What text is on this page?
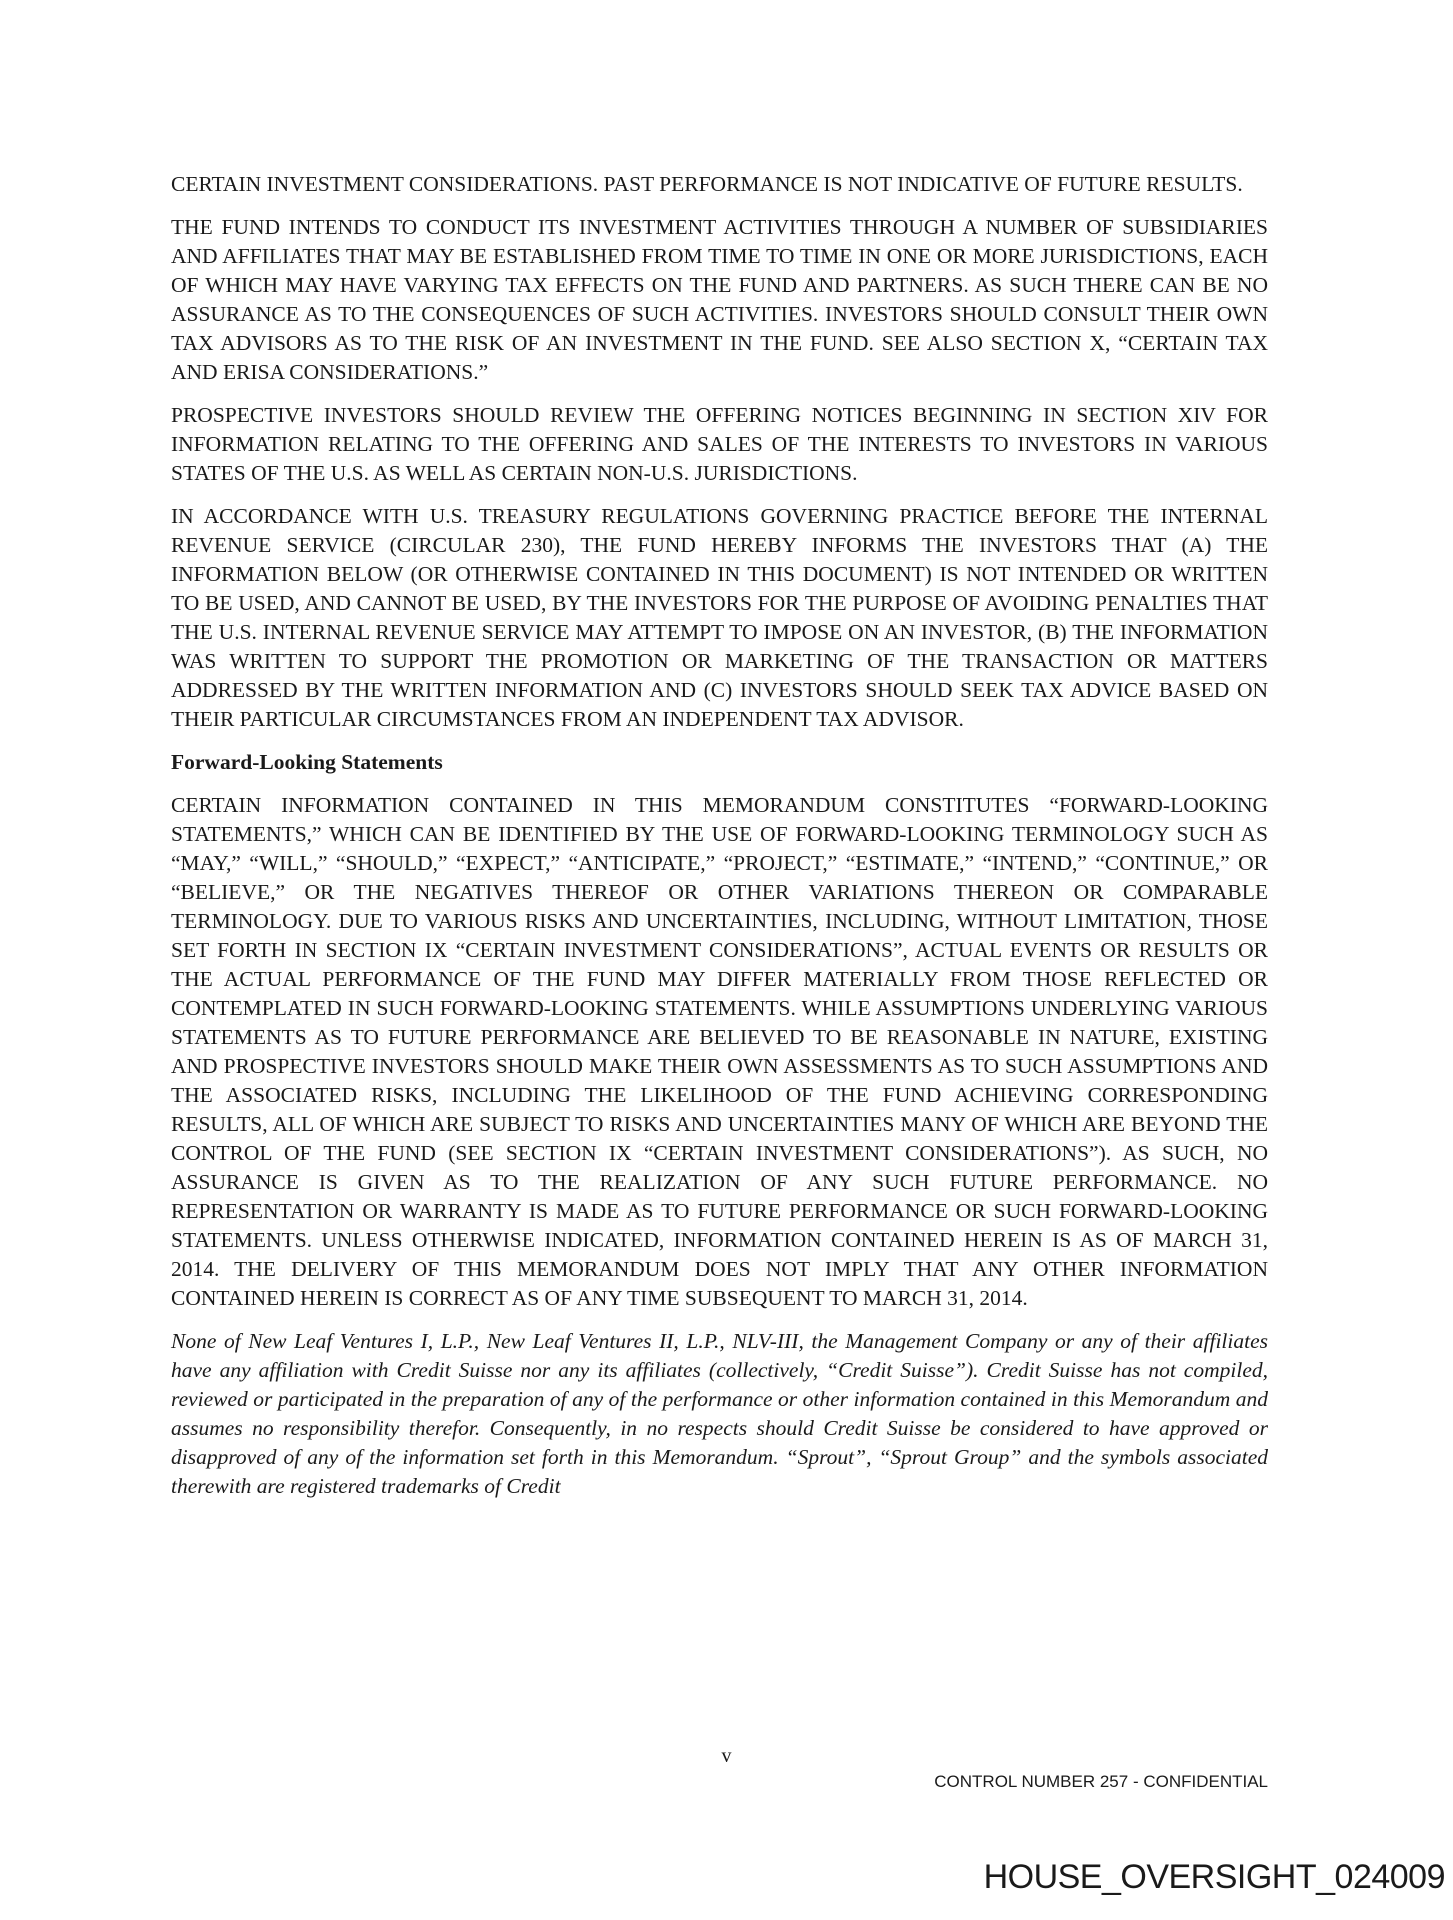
CERTAIN INVESTMENT CONSIDERATIONS. PAST PERFORMANCE IS NOT INDICATIVE OF FUTURE RESULTS.

THE FUND INTENDS TO CONDUCT ITS INVESTMENT ACTIVITIES THROUGH A NUMBER OF SUBSIDIARIES AND AFFILIATES THAT MAY BE ESTABLISHED FROM TIME TO TIME IN ONE OR MORE JURISDICTIONS, EACH OF WHICH MAY HAVE VARYING TAX EFFECTS ON THE FUND AND PARTNERS. AS SUCH THERE CAN BE NO ASSURANCE AS TO THE CONSEQUENCES OF SUCH ACTIVITIES. INVESTORS SHOULD CONSULT THEIR OWN TAX ADVISORS AS TO THE RISK OF AN INVESTMENT IN THE FUND. SEE ALSO SECTION X, “CERTAIN TAX AND ERISA CONSIDERATIONS.”

PROSPECTIVE INVESTORS SHOULD REVIEW THE OFFERING NOTICES BEGINNING IN SECTION XIV FOR INFORMATION RELATING TO THE OFFERING AND SALES OF THE INTERESTS TO INVESTORS IN VARIOUS STATES OF THE U.S. AS WELL AS CERTAIN NON-U.S. JURISDICTIONS.

IN ACCORDANCE WITH U.S. TREASURY REGULATIONS GOVERNING PRACTICE BEFORE THE INTERNAL REVENUE SERVICE (CIRCULAR 230), THE FUND HEREBY INFORMS THE INVESTORS THAT (A) THE INFORMATION BELOW (OR OTHERWISE CONTAINED IN THIS DOCUMENT) IS NOT INTENDED OR WRITTEN TO BE USED, AND CANNOT BE USED, BY THE INVESTORS FOR THE PURPOSE OF AVOIDING PENALTIES THAT THE U.S. INTERNAL REVENUE SERVICE MAY ATTEMPT TO IMPOSE ON AN INVESTOR, (B) THE INFORMATION WAS WRITTEN TO SUPPORT THE PROMOTION OR MARKETING OF THE TRANSACTION OR MATTERS ADDRESSED BY THE WRITTEN INFORMATION AND (C) INVESTORS SHOULD SEEK TAX ADVICE BASED ON THEIR PARTICULAR CIRCUMSTANCES FROM AN INDEPENDENT TAX ADVISOR.

Forward-Looking Statements

CERTAIN INFORMATION CONTAINED IN THIS MEMORANDUM CONSTITUTES “FORWARD-LOOKING STATEMENTS,” WHICH CAN BE IDENTIFIED BY THE USE OF FORWARD-LOOKING TERMINOLOGY SUCH AS “MAY,” “WILL,” “SHOULD,” “EXPECT,” “ANTICIPATE,” “PROJECT,” “ESTIMATE,” “INTEND,” “CONTINUE,” OR “BELIEVE,” OR THE NEGATIVES THEREOF OR OTHER VARIATIONS THEREON OR COMPARABLE TERMINOLOGY. DUE TO VARIOUS RISKS AND UNCERTAINTIES, INCLUDING, WITHOUT LIMITATION, THOSE SET FORTH IN SECTION IX “CERTAIN INVESTMENT CONSIDERATIONS”, ACTUAL EVENTS OR RESULTS OR THE ACTUAL PERFORMANCE OF THE FUND MAY DIFFER MATERIALLY FROM THOSE REFLECTED OR CONTEMPLATED IN SUCH FORWARD-LOOKING STATEMENTS. WHILE ASSUMPTIONS UNDERLYING VARIOUS STATEMENTS AS TO FUTURE PERFORMANCE ARE BELIEVED TO BE REASONABLE IN NATURE, EXISTING AND PROSPECTIVE INVESTORS SHOULD MAKE THEIR OWN ASSESSMENTS AS TO SUCH ASSUMPTIONS AND THE ASSOCIATED RISKS, INCLUDING THE LIKELIHOOD OF THE FUND ACHIEVING CORRESPONDING RESULTS, ALL OF WHICH ARE SUBJECT TO RISKS AND UNCERTAINTIES MANY OF WHICH ARE BEYOND THE CONTROL OF THE FUND (SEE SECTION IX “CERTAIN INVESTMENT CONSIDERATIONS”). AS SUCH, NO ASSURANCE IS GIVEN AS TO THE REALIZATION OF ANY SUCH FUTURE PERFORMANCE. NO REPRESENTATION OR WARRANTY IS MADE AS TO FUTURE PERFORMANCE OR SUCH FORWARD-LOOKING STATEMENTS. UNLESS OTHERWISE INDICATED, INFORMATION CONTAINED HEREIN IS AS OF MARCH 31, 2014. THE DELIVERY OF THIS MEMORANDUM DOES NOT IMPLY THAT ANY OTHER INFORMATION CONTAINED HEREIN IS CORRECT AS OF ANY TIME SUBSEQUENT TO MARCH 31, 2014.

None of New Leaf Ventures I, L.P., New Leaf Ventures II, L.P., NLV-III, the Management Company or any of their affiliates have any affiliation with Credit Suisse nor any its affiliates (collectively, “Credit Suisse”). Credit Suisse has not compiled, reviewed or participated in the preparation of any of the performance or other information contained in this Memorandum and assumes no responsibility therefor. Consequently, in no respects should Credit Suisse be considered to have approved or disapproved of any of the information set forth in this Memorandum. “Sprout”, “Sprout Group” and the symbols associated therewith are registered trademarks of Credit

v
CONTROL NUMBER 257 - CONFIDENTIAL
HOUSE_OVERSIGHT_024009
